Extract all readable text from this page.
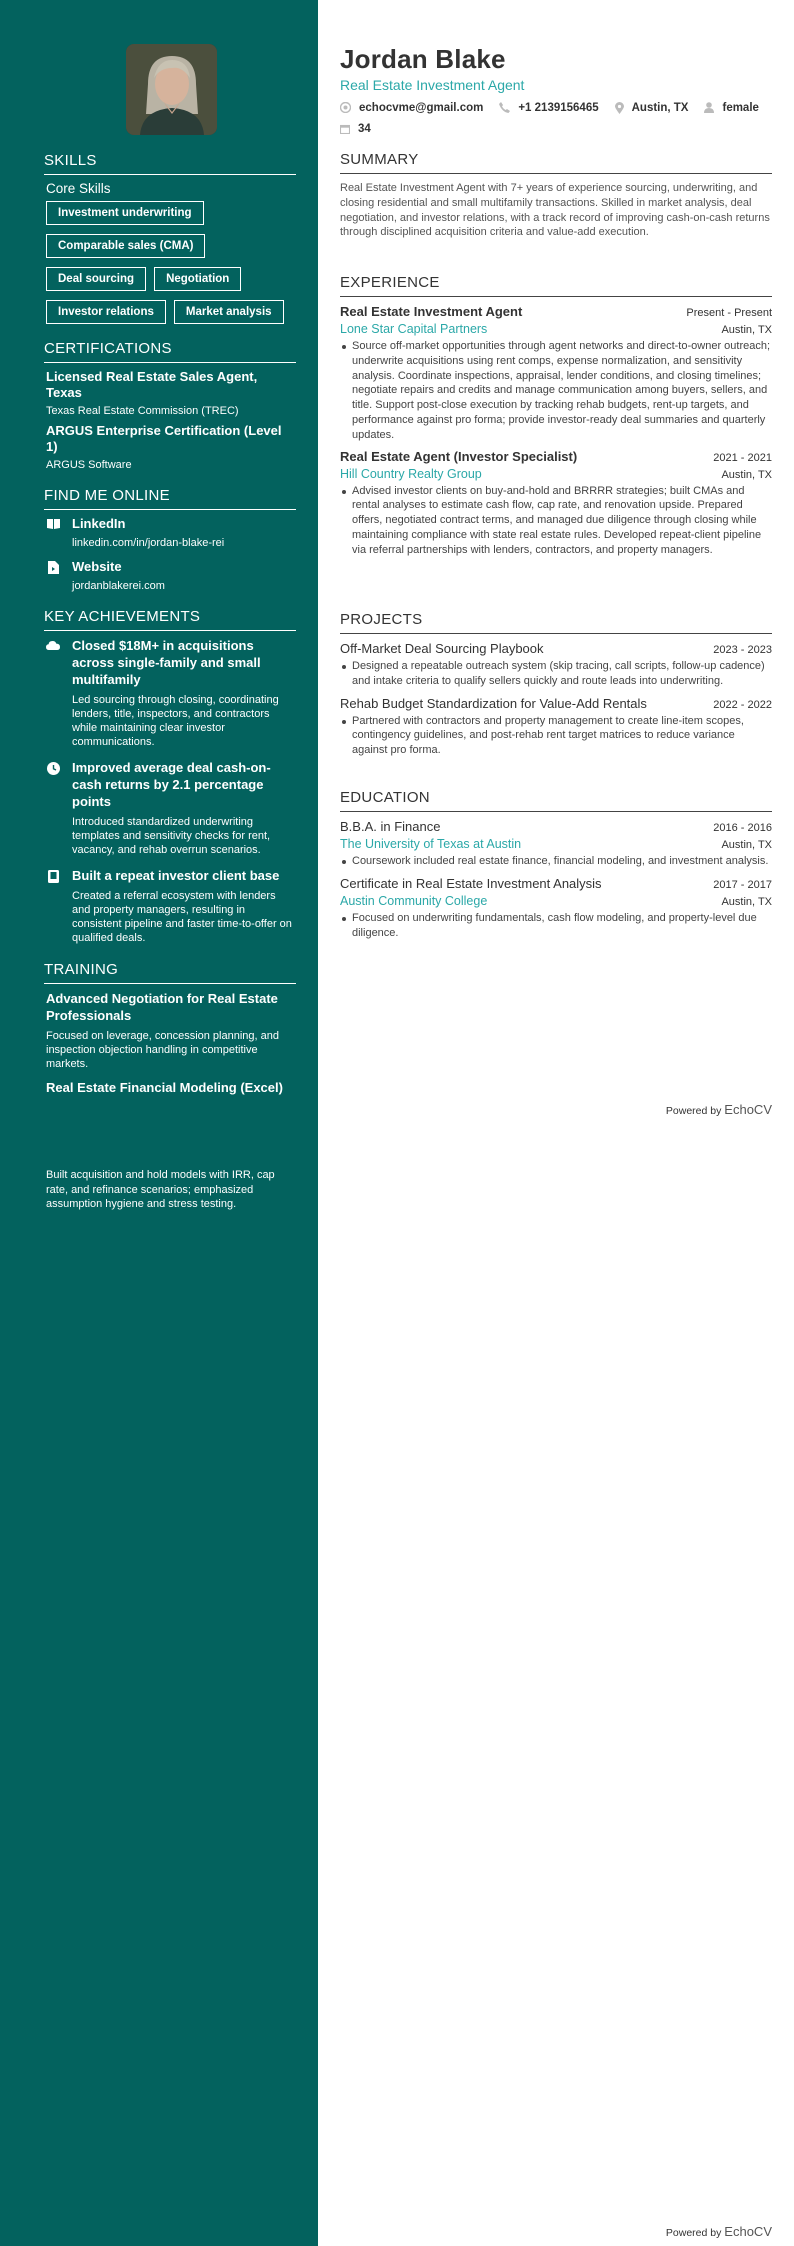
SKILLS
Core Skills
Investment underwriting
Comparable sales (CMA)
Deal sourcing	Negotiation
Investor relations	Market analysis
CERTIFICATIONS
Licensed Real Estate Sales Agent, Texas
Texas Real Estate Commission (TREC)
ARGUS Enterprise Certification (Level 1)
ARGUS Software
FIND ME ONLINE
LinkedIn
linkedin.com/in/jordan-blake-rei
Website
jordanblakerei.com
KEY ACHIEVEMENTS
Closed $18M+ in acquisitions across single-family and small multifamily
Led sourcing through closing, coordinating lenders, title, inspectors, and contractors while maintaining clear investor communications.
Improved average deal cash-on-cash returns by 2.1 percentage points
Introduced standardized underwriting templates and sensitivity checks for rent, vacancy, and rehab overrun scenarios.
Built a repeat investor client base
Created a referral ecosystem with lenders and property managers, resulting in consistent pipeline and faster time-to-offer on qualified deals.
TRAINING
Advanced Negotiation for Real Estate Professionals
Focused on leverage, concession planning, and inspection objection handling in competitive markets.
Real Estate Financial Modeling (Excel)
Built acquisition and hold models with IRR, cap rate, and refinance scenarios; emphasized assumption hygiene and stress testing.
Jordan Blake
Real Estate Investment Agent
echocvme@gmail.com	+1 2139156465	Austin, TX	female
34
SUMMARY
Real Estate Investment Agent with 7+ years of experience sourcing, underwriting, and closing residential and small multifamily transactions. Skilled in market analysis, deal negotiation, and investor relations, with a track record of improving cash-on-cash returns through disciplined acquisition criteria and value-add execution.
EXPERIENCE
Real Estate Investment Agent	Present - Present
Lone Star Capital Partners	Austin, TX
Source off-market opportunities through agent networks and direct-to-owner outreach; underwrite acquisitions using rent comps, expense normalization, and sensitivity analysis. Coordinate inspections, appraisal, lender conditions, and closing timelines; negotiate repairs and credits and manage communication among buyers, sellers, and title. Support post-close execution by tracking rehab budgets, rent-up targets, and performance against pro forma; provide investor-ready deal summaries and quarterly updates.
Real Estate Agent (Investor Specialist)	2021 - 2021
Hill Country Realty Group	Austin, TX
Advised investor clients on buy-and-hold and BRRRR strategies; built CMAs and rental analyses to estimate cash flow, cap rate, and renovation upside. Prepared offers, negotiated contract terms, and managed due diligence through closing while maintaining compliance with state real estate rules. Developed repeat-client pipeline via referral partnerships with lenders, contractors, and property managers.
PROJECTS
Off-Market Deal Sourcing Playbook	2023 - 2023
Designed a repeatable outreach system (skip tracing, call scripts, follow-up cadence) and intake criteria to qualify sellers quickly and route leads into underwriting.
Rehab Budget Standardization for Value-Add Rentals	2022 - 2022
Partnered with contractors and property management to create line-item scopes, contingency guidelines, and post-rehab rent target matrices to reduce variance against pro forma.
EDUCATION
B.B.A. in Finance	2016 - 2016
The University of Texas at Austin	Austin, TX
Coursework included real estate finance, financial modeling, and investment analysis.
Certificate in Real Estate Investment Analysis	2017 - 2017
Austin Community College	Austin, TX
Focused on underwriting fundamentals, cash flow modeling, and property-level due diligence.
Powered by EchoCV
Powered by EchoCV
